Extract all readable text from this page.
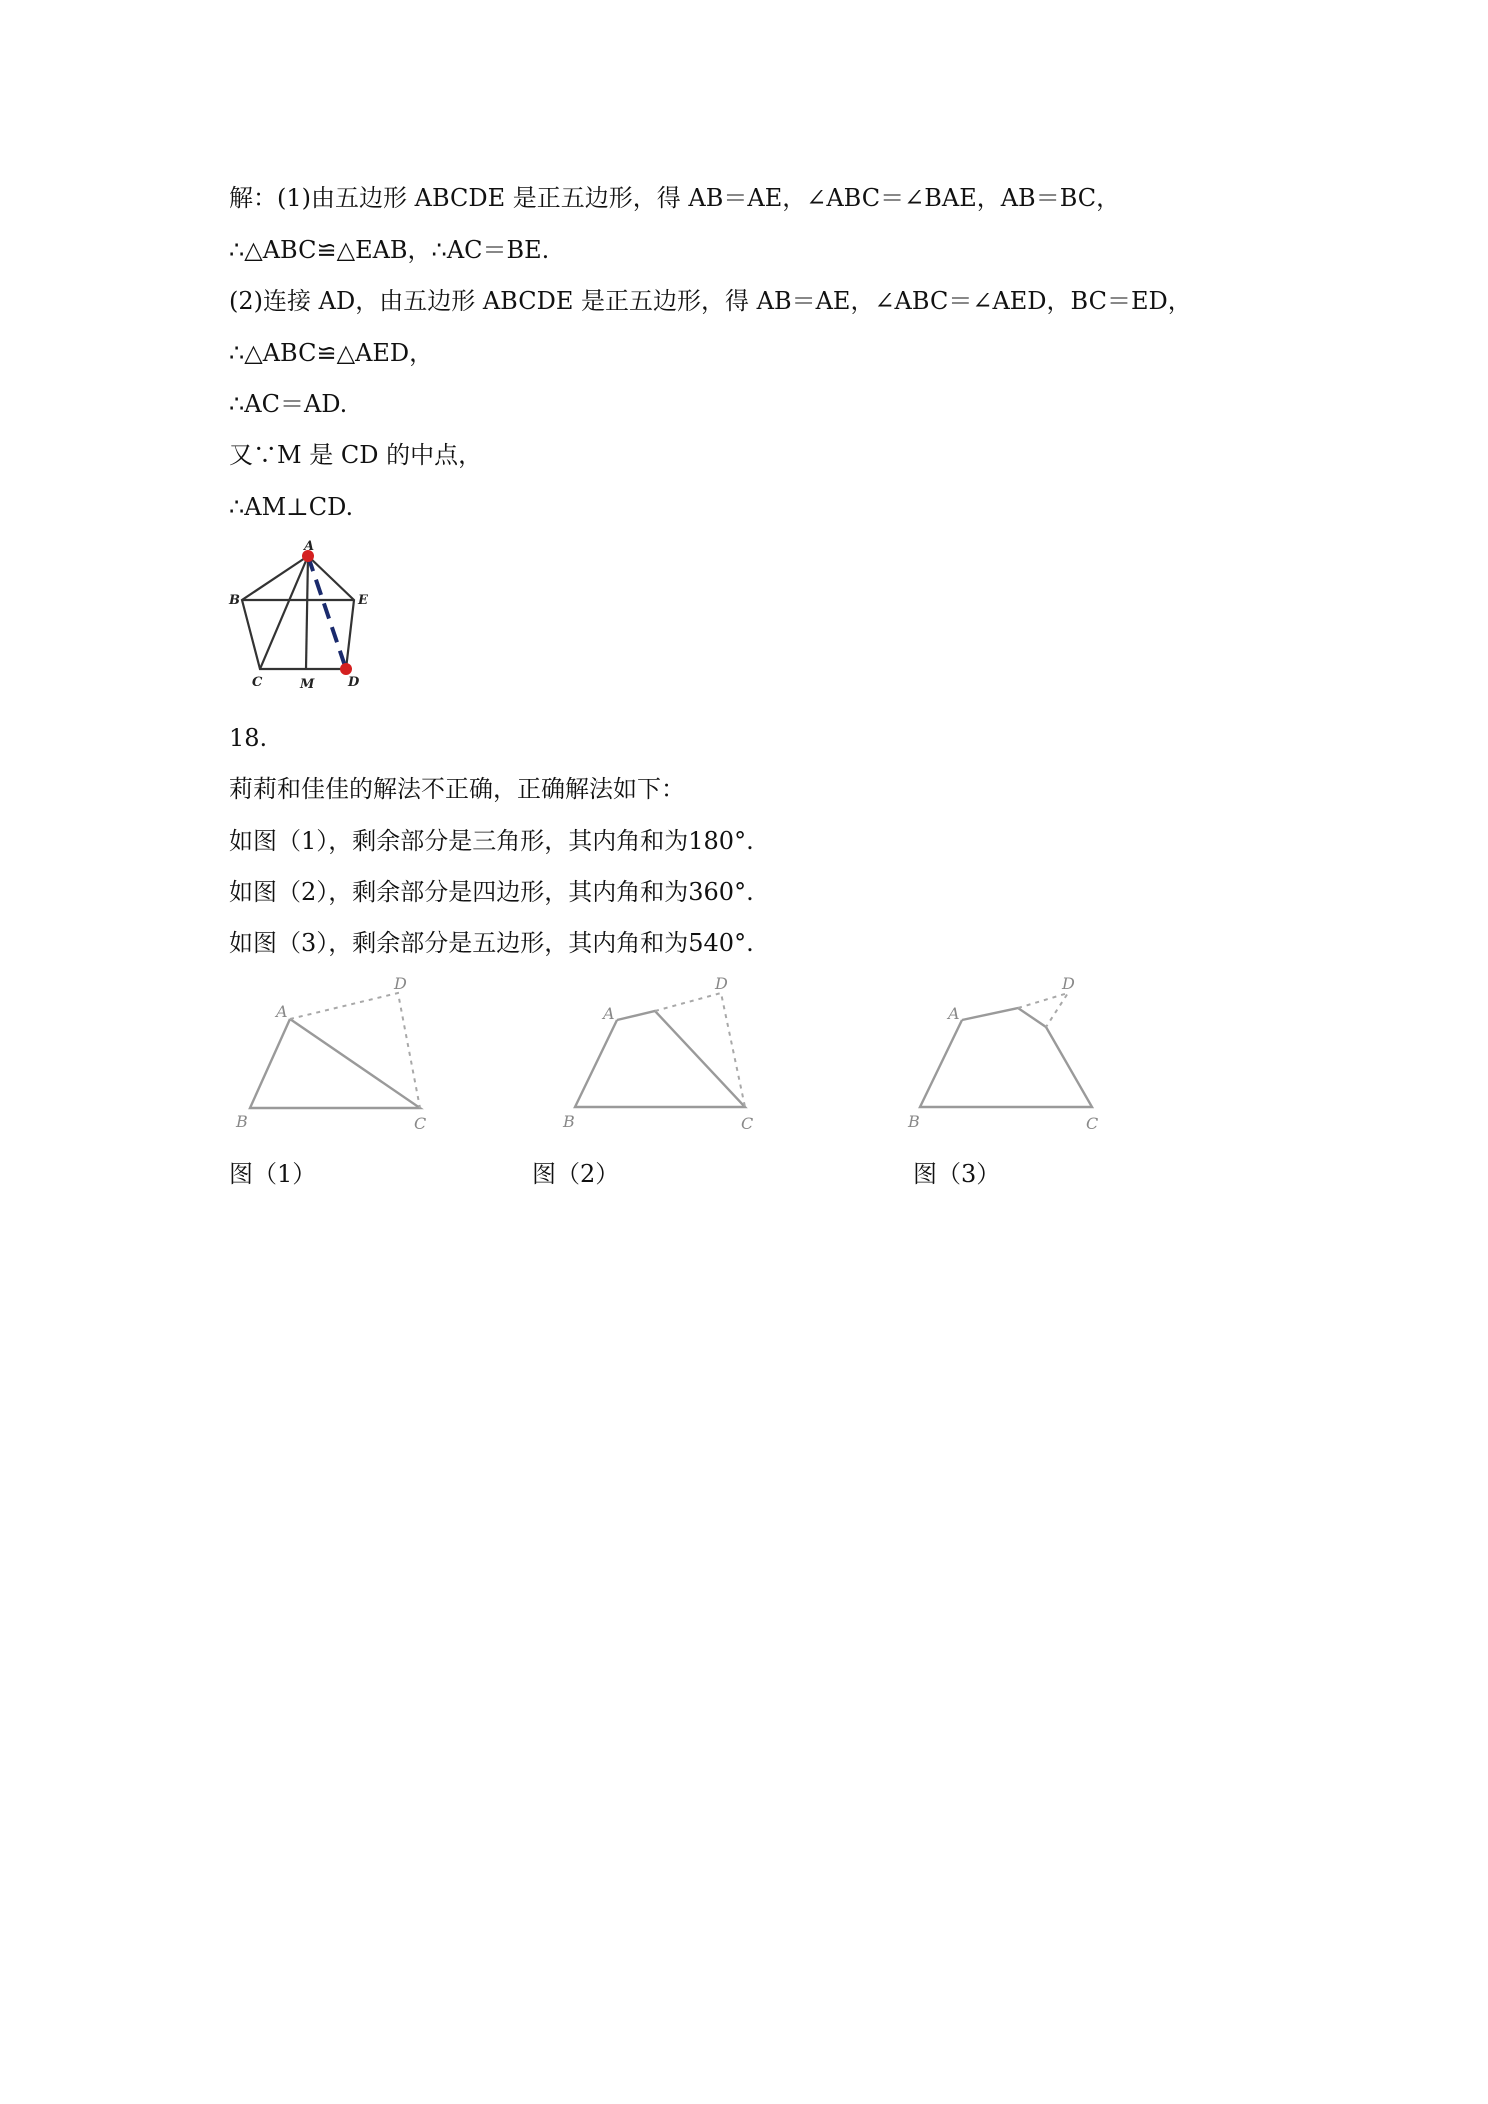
解：(1)由五边形 ABCDE 是正五边形，得 AB＝AE，∠ABC＝∠BAE，AB＝BC，
∴△ABC≌△EAB，∴AC＝BE.
(2)连接 AD，由五边形 ABCDE 是正五边形，得 AB＝AE，∠ABC＝∠AED，BC＝ED，
∴△ABC≌△AED，
∴AC＝AD.
又∵M 是 CD 的中点，
∴AM⊥CD.
A
B	E
C	M	D
18.
莉莉和佳佳的解法不正确，正确解法如下：
如图（1），剩余部分是三角形，其内角和为180°.
如图（2），剩余部分是四边形，其内角和为360°.
如图（3），剩余部分是五边形，其内角和为540°.
A
D
B	C
A
D
B	C
A
D
B	C
图（1）	图（2）	图（3）
